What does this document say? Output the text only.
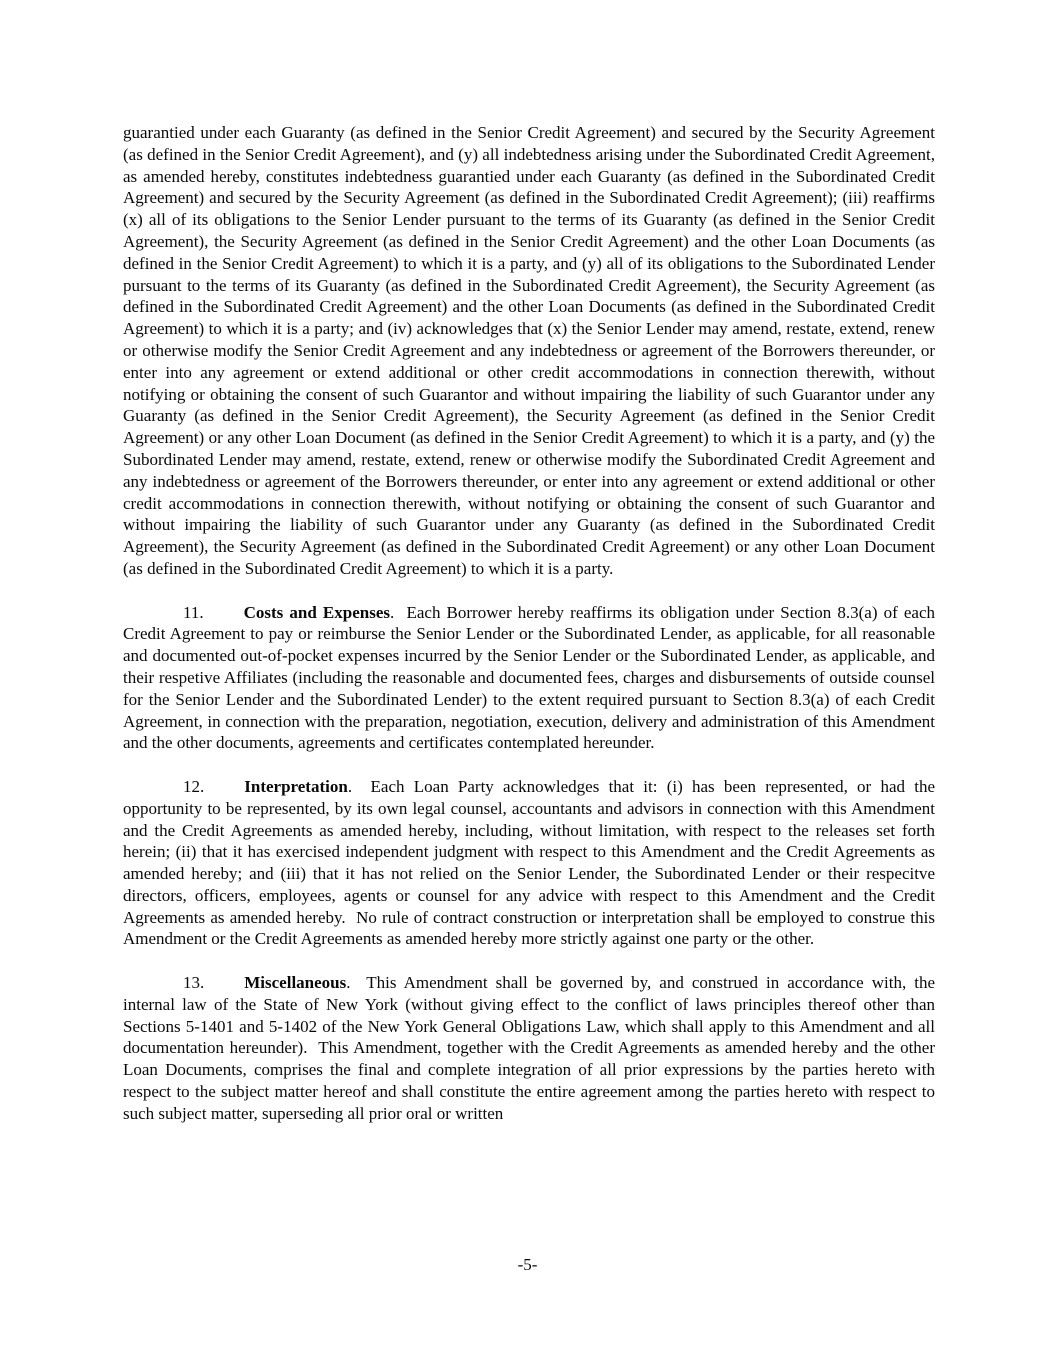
guarantied under each Guaranty (as defined in the Senior Credit Agreement) and secured by the Security Agreement (as defined in the Senior Credit Agreement), and (y) all indebtedness arising under the Subordinated Credit Agreement, as amended hereby, constitutes indebtedness guarantied under each Guaranty (as defined in the Subordinated Credit Agreement) and secured by the Security Agreement (as defined in the Subordinated Credit Agreement); (iii) reaffirms (x) all of its obligations to the Senior Lender pursuant to the terms of its Guaranty (as defined in the Senior Credit Agreement), the Security Agreement (as defined in the Senior Credit Agreement) and the other Loan Documents (as defined in the Senior Credit Agreement) to which it is a party, and (y) all of its obligations to the Subordinated Lender pursuant to the terms of its Guaranty (as defined in the Subordinated Credit Agreement), the Security Agreement (as defined in the Subordinated Credit Agreement) and the other Loan Documents (as defined in the Subordinated Credit Agreement) to which it is a party; and (iv) acknowledges that (x) the Senior Lender may amend, restate, extend, renew or otherwise modify the Senior Credit Agreement and any indebtedness or agreement of the Borrowers thereunder, or enter into any agreement or extend additional or other credit accommodations in connection therewith, without notifying or obtaining the consent of such Guarantor and without impairing the liability of such Guarantor under any Guaranty (as defined in the Senior Credit Agreement), the Security Agreement (as defined in the Senior Credit Agreement) or any other Loan Document (as defined in the Senior Credit Agreement) to which it is a party, and (y) the Subordinated Lender may amend, restate, extend, renew or otherwise modify the Subordinated Credit Agreement and any indebtedness or agreement of the Borrowers thereunder, or enter into any agreement or extend additional or other credit accommodations in connection therewith, without notifying or obtaining the consent of such Guarantor and without impairing the liability of such Guarantor under any Guaranty (as defined in the Subordinated Credit Agreement), the Security Agreement (as defined in the Subordinated Credit Agreement) or any other Loan Document (as defined in the Subordinated Credit Agreement) to which it is a party.

11. Costs and Expenses.  Each Borrower hereby reaffirms its obligation under Section 8.3(a) of each Credit Agreement to pay or reimburse the Senior Lender or the Subordinated Lender, as applicable, for all reasonable and documented out-of-pocket expenses incurred by the Senior Lender or the Subordinated Lender, as applicable, and their respetive Affiliates (including the reasonable and documented fees, charges and disbursements of outside counsel for the Senior Lender and the Subordinated Lender) to the extent required pursuant to Section 8.3(a) of each Credit Agreement, in connection with the preparation, negotiation, execution, delivery and administration of this Amendment and the other documents, agreements and certificates contemplated hereunder.

12. Interpretation.  Each Loan Party acknowledges that it: (i) has been represented, or had the opportunity to be represented, by its own legal counsel, accountants and advisors in connection with this Amendment and the Credit Agreements as amended hereby, including, without limitation, with respect to the releases set forth herein; (ii) that it has exercised independent judgment with respect to this Amendment and the Credit Agreements as amended hereby; and (iii) that it has not relied on the Senior Lender, the Subordinated Lender or their respecitve directors, officers, employees, agents or counsel for any advice with respect to this Amendment and the Credit Agreements as amended hereby.  No rule of contract construction or interpretation shall be employed to construe this Amendment or the Credit Agreements as amended hereby more strictly against one party or the other.

13. Miscellaneous.  This Amendment shall be governed by, and construed in accordance with, the internal law of the State of New York (without giving effect to the conflict of laws principles thereof other than Sections 5-1401 and 5-1402 of the New York General Obligations Law, which shall apply to this Amendment and all documentation hereunder).  This Amendment, together with the Credit Agreements as amended hereby and the other Loan Documents, comprises the final and complete integration of all prior expressions by the parties hereto with respect to the subject matter hereof and shall constitute the entire agreement among the parties hereto with respect to such subject matter, superseding all prior oral or written

-5-
